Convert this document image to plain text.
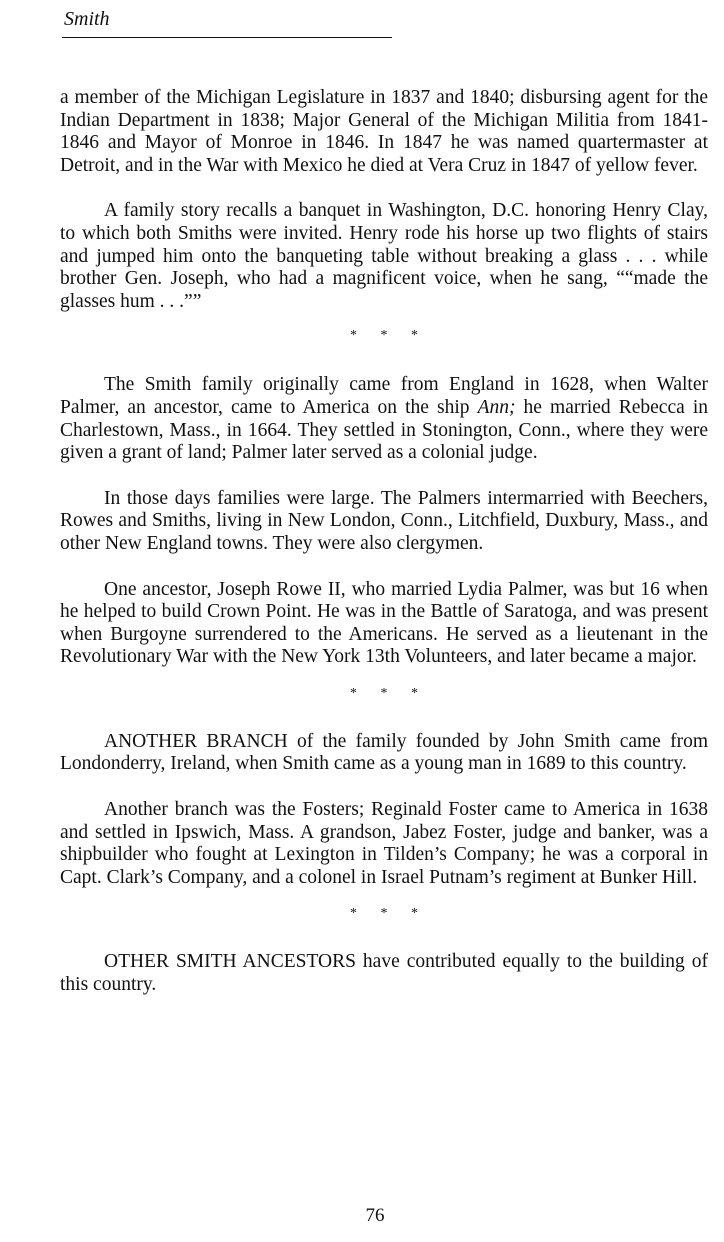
Smith

a member of the Michigan Legislature in 1837 and 1840; disbursing agent for the Indian Department in 1838; Major General of the Michigan Militia from 1841-1846 and Mayor of Monroe in 1846. In 1847 he was named quartermaster at Detroit, and in the War with Mexico he died at Vera Cruz in 1847 of yellow fever.

A family story recalls a banquet in Washington, D.C. honoring Henry Clay, to which both Smiths were invited. Henry rode his horse up two flights of stairs and jumped him onto the banqueting table without breaking a glass . . . while brother Gen. Joseph, who had a magnificent voice, when he sang, ““made the glasses hum . . .””

* * *

The Smith family originally came from England in 1628, when Walter Palmer, an ancestor, came to America on the ship Ann; he married Rebecca in Charlestown, Mass., in 1664. They settled in Stonington, Conn., where they were given a grant of land; Palmer later served as a colonial judge.

In those days families were large. The Palmers intermarried with Beechers, Rowes and Smiths, living in New London, Conn., Litchfield, Duxbury, Mass., and other New England towns. They were also clergymen.

One ancestor, Joseph Rowe II, who married Lydia Palmer, was but 16 when he helped to build Crown Point. He was in the Battle of Saratoga, and was present when Burgoyne surrendered to the Americans. He served as a lieutenant in the Revolutionary War with the New York 13th Volunteers, and later became a major.

* * *

ANOTHER BRANCH of the family founded by John Smith came from Londonderry, Ireland, when Smith came as a young man in 1689 to this country.

Another branch was the Fosters; Reginald Foster came to America in 1638 and settled in Ipswich, Mass. A grandson, Jabez Foster, judge and banker, was a shipbuilder who fought at Lexington in Tilden’s Company; he was a corporal in Capt. Clark’s Company, and a colonel in Israel Putnam’s regiment at Bunker Hill.

* * *

OTHER SMITH ANCESTORS have contributed equally to the building of this country.

76
